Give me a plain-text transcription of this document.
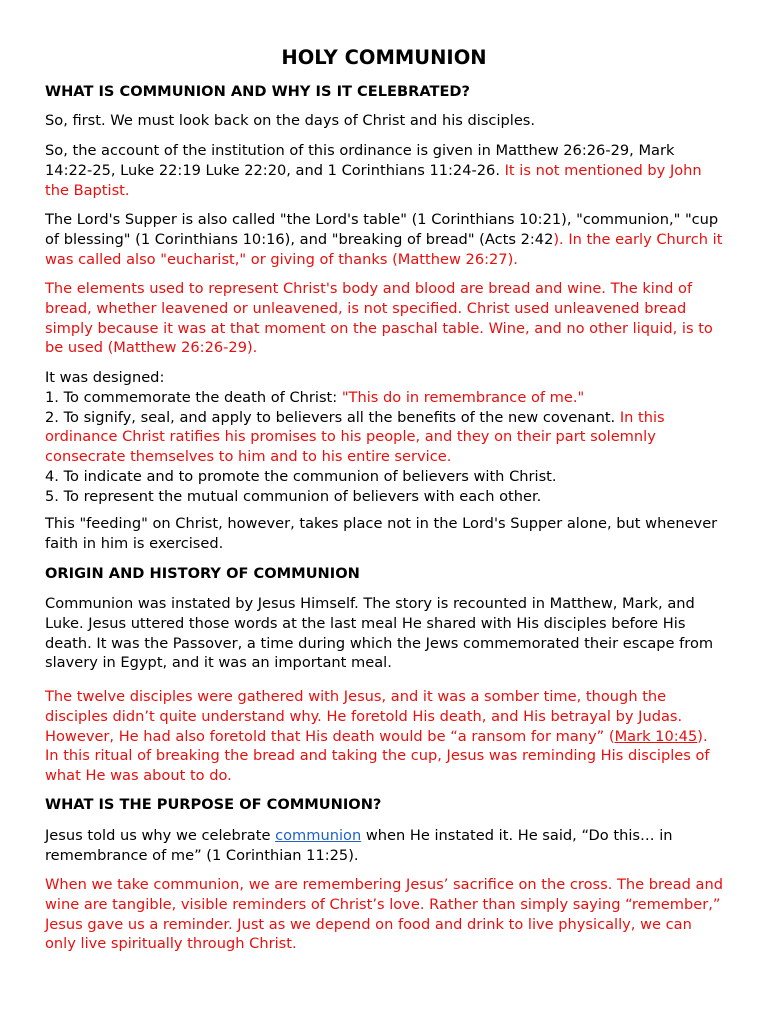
HOLY COMMUNION
WHAT IS COMMUNION AND WHY IS IT CELEBRATED?

So, first. We must look back on the days of Christ and his disciples.

So, the account of the institution of this ordinance is given in Matthew 26:26-29, Mark 14:22-25, Luke 22:19 Luke 22:20, and 1 Corinthians 11:24-26. It is not mentioned by John the Baptist.

The Lord's Supper is also called "the Lord's table" (1 Corinthians 10:21), "communion," "cup of blessing" (1 Corinthians 10:16), and "breaking of bread" (Acts 2:42). In the early Church it was called also "eucharist," or giving of thanks (Matthew 26:27).

The elements used to represent Christ's body and blood are bread and wine. The kind of bread, whether leavened or unleavened, is not specified. Christ used unleavened bread simply because it was at that moment on the paschal table. Wine, and no other liquid, is to be used (Matthew 26:26-29).

It was designed:
1. To commemorate the death of Christ: "This do in remembrance of me."
2. To signify, seal, and apply to believers all the benefits of the new covenant. In this ordinance Christ ratifies his promises to his people, and they on their part solemnly consecrate themselves to him and to his entire service.
4. To indicate and to promote the communion of believers with Christ.
5. To represent the mutual communion of believers with each other.

This "feeding" on Christ, however, takes place not in the Lord's Supper alone, but whenever faith in him is exercised.

ORIGIN AND HISTORY OF COMMUNION

Communion was instated by Jesus Himself. The story is recounted in Matthew, Mark, and Luke. Jesus uttered those words at the last meal He shared with His disciples before His death. It was the Passover, a time during which the Jews commemorated their escape from slavery in Egypt, and it was an important meal.

The twelve disciples were gathered with Jesus, and it was a somber time, though the disciples didn’t quite understand why. He foretold His death, and His betrayal by Judas. However, He had also foretold that His death would be “a ransom for many” (Mark 10:45). In this ritual of breaking the bread and taking the cup, Jesus was reminding His disciples of what He was about to do.

WHAT IS THE PURPOSE OF COMMUNION?

Jesus told us why we celebrate communion when He instated it. He said, “Do this… in remembrance of me” (1 Corinthian 11:25).

When we take communion, we are remembering Jesus’ sacrifice on the cross. The bread and wine are tangible, visible reminders of Christ’s love. Rather than simply saying “remember,” Jesus gave us a reminder. Just as we depend on food and drink to live physically, we can only live spiritually through Christ.
